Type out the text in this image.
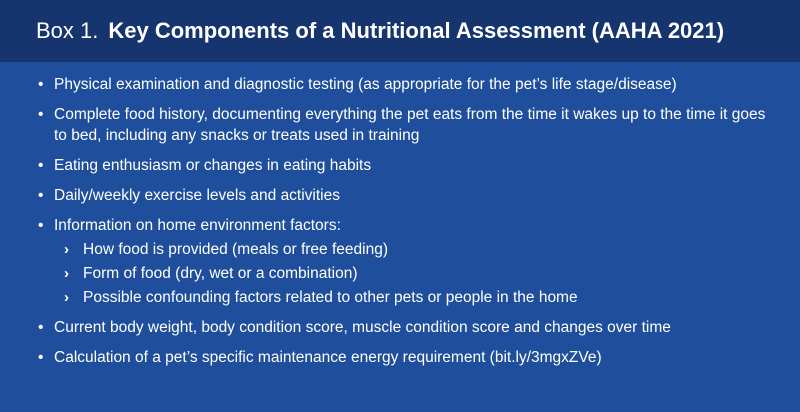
Box 1. Key Components of a Nutritional Assessment (AAHA 2021)
• Physical examination and diagnostic testing (as appropriate for the pet’s life stage/disease)
• Complete food history, documenting everything the pet eats from the time it wakes up to the time it goes to bed, including any snacks or treats used in training
• Eating enthusiasm or changes in eating habits
• Daily/weekly exercise levels and activities
• Information on home environment factors:
› How food is provided (meals or free feeding)
› Form of food (dry, wet or a combination)
› Possible confounding factors related to other pets or people in the home
• Current body weight, body condition score, muscle condition score and changes over time
• Calculation of a pet’s specific maintenance energy requirement (bit.ly/3mgxZVe)
